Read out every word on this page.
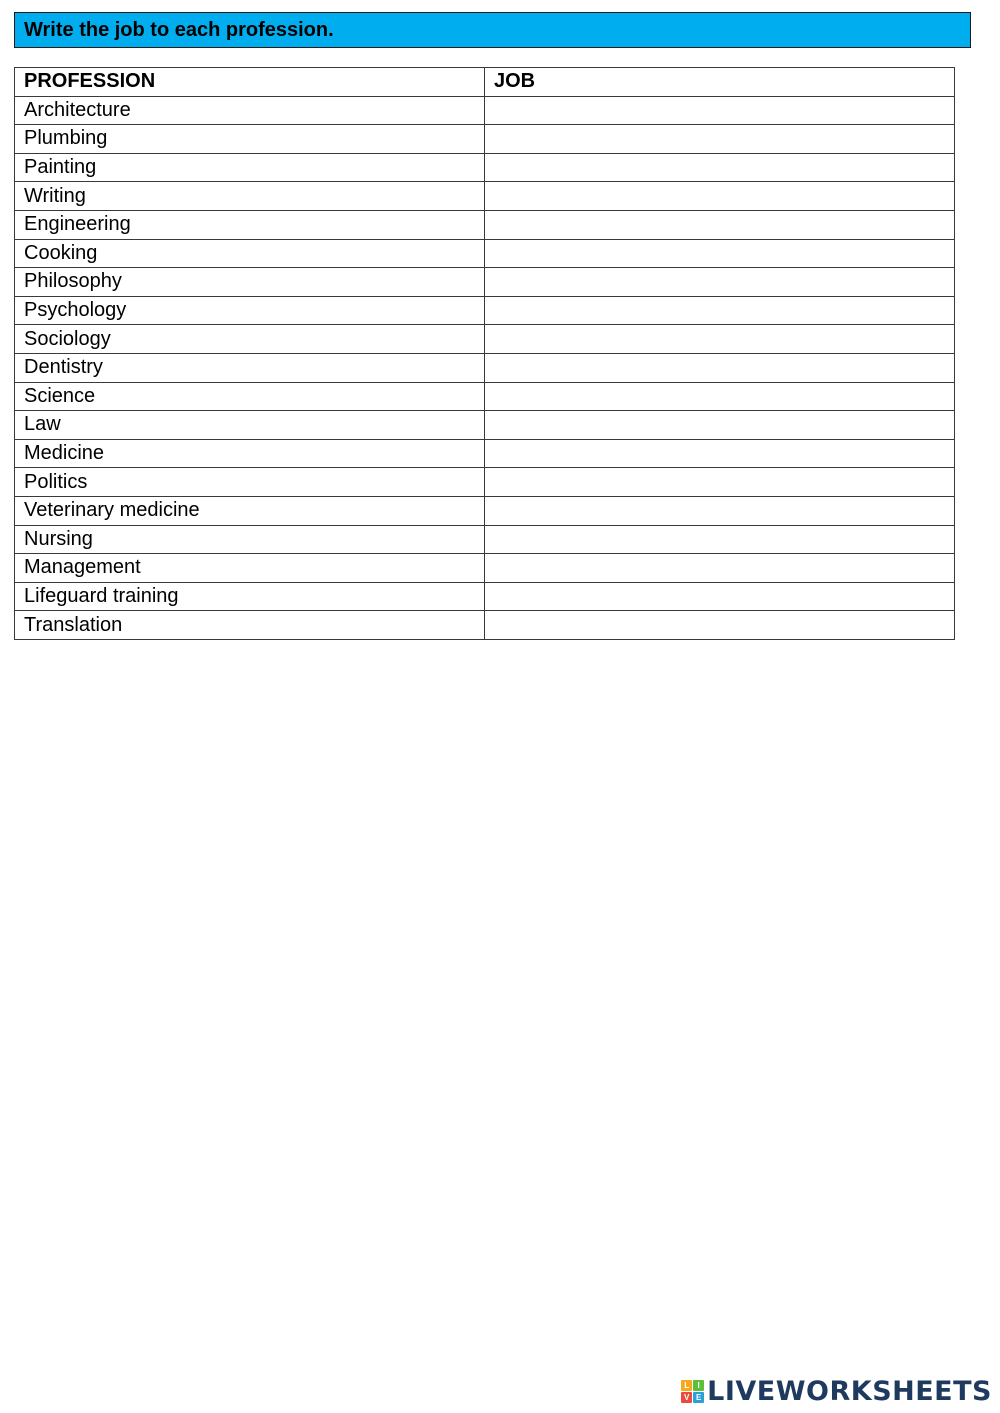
Write the job to each profession.
PROFESSION	JOB
Architecture	
Plumbing	
Painting	
Writing	
Engineering	
Cooking	
Philosophy	
Psychology	
Sociology	
Dentistry	
Science	
Law	
Medicine	
Politics	
Veterinary medicine	
Nursing	
Management	
Lifeguard training	
Translation	
L	I
V E LIVEWORKSHEETS
